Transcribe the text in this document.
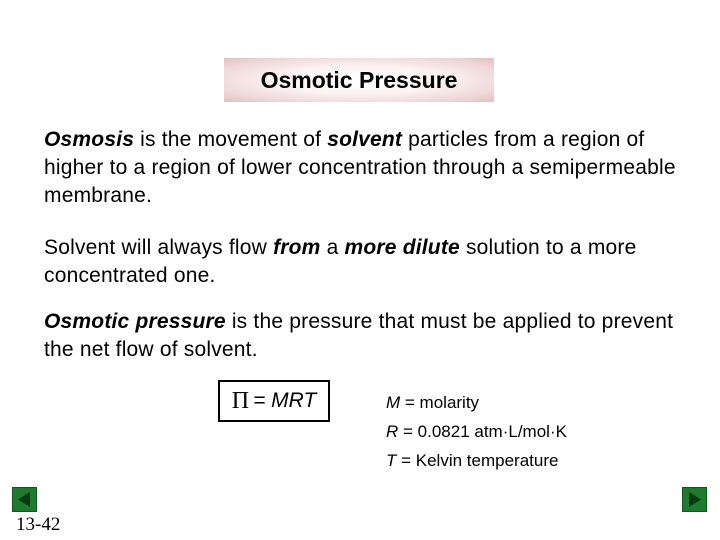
Osmotic Pressure
Osmosis is the movement of solvent particles from a region of higher to a region of lower concentration through a semipermeable membrane.
Solvent will always flow from a more dilute solution to a more concentrated one.
Osmotic pressure is the pressure that must be applied to prevent the net flow of solvent.
Π = MRT	M = molarity
R = 0.0821 atm·L/mol·K
T = Kelvin temperature
13-42
